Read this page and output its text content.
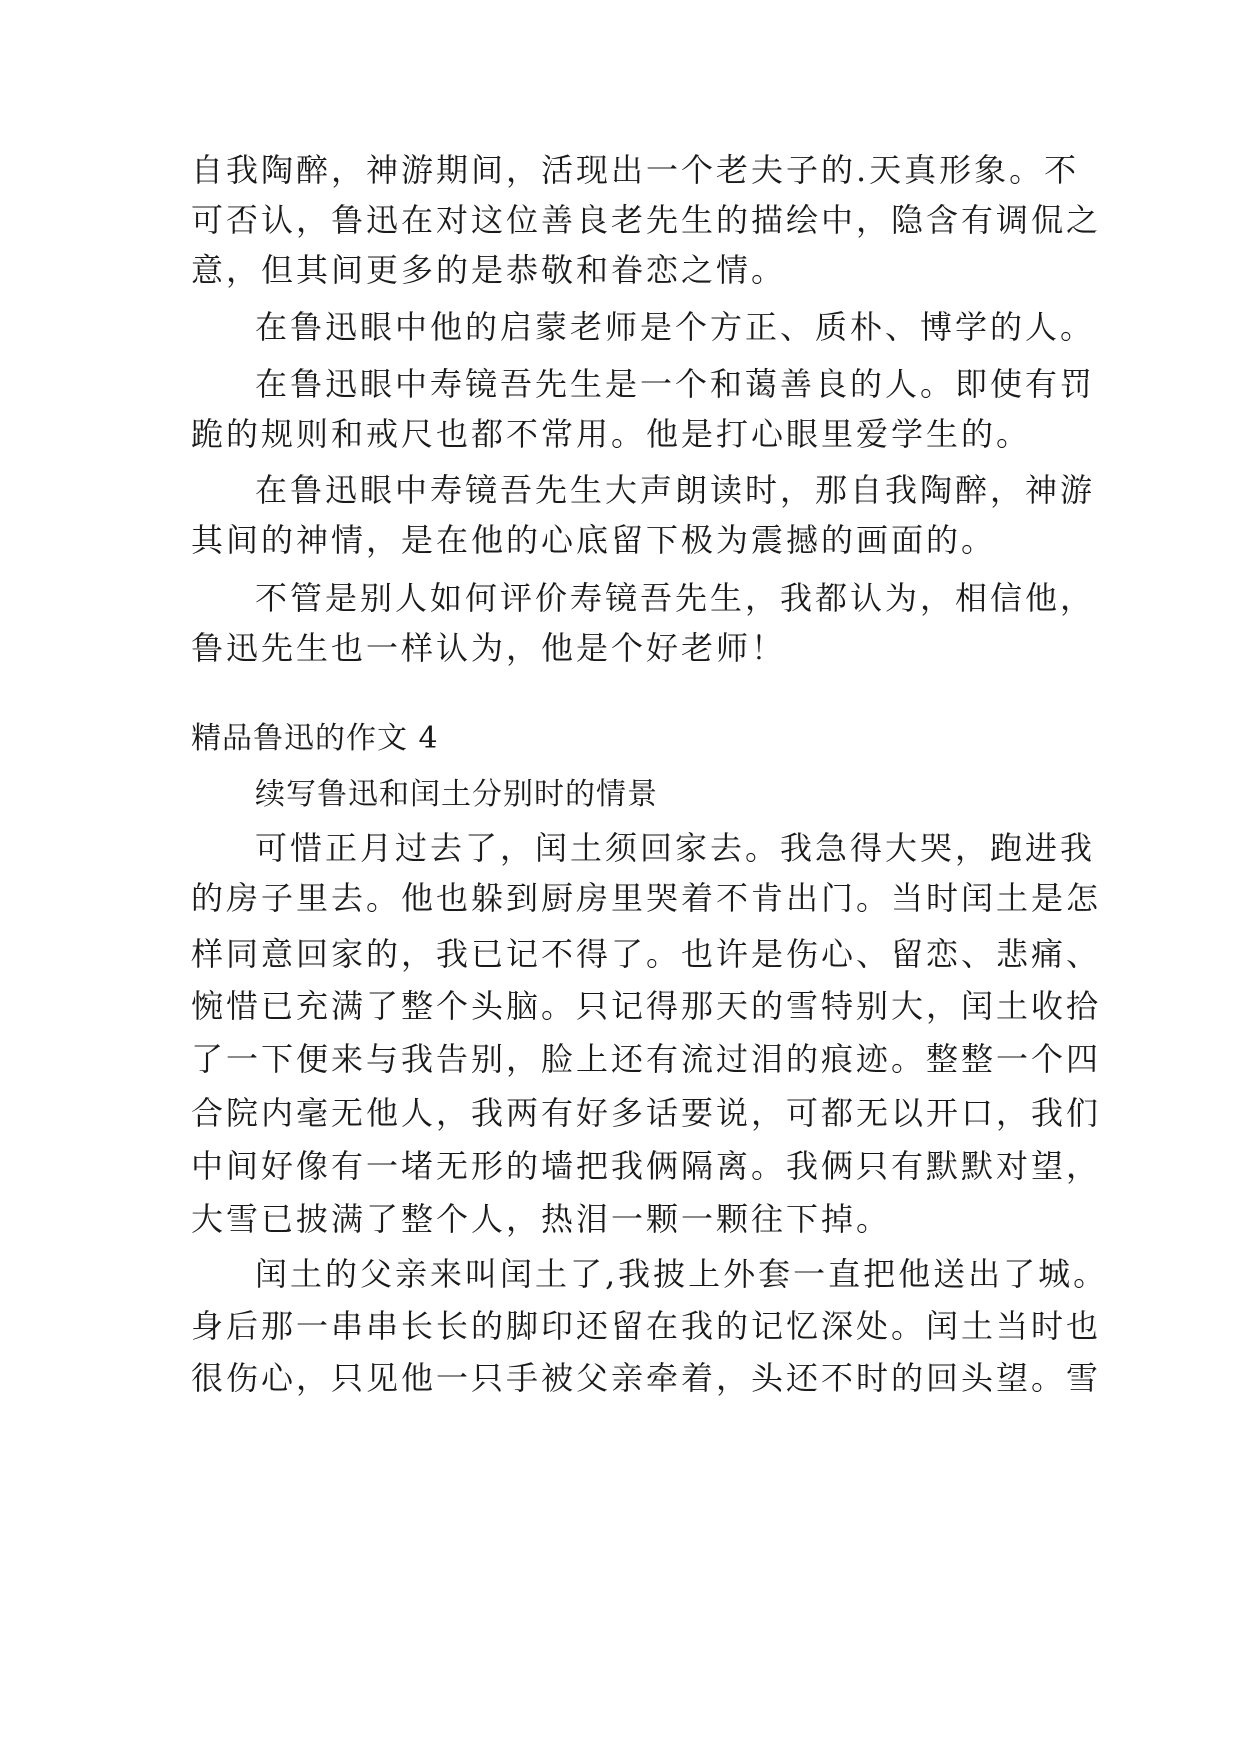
自我陶醉，神游期间，活现出一个老夫子的.天真形象。不
可否认，鲁迅在对这位善良老先生的描绘中，隐含有调侃之
意，但其间更多的是恭敬和眷恋之情。
在鲁迅眼中他的启蒙老师是个方正、质朴、博学的人。
在鲁迅眼中寿镜吾先生是一个和蔼善良的人。即使有罚
跪的规则和戒尺也都不常用。他是打心眼里爱学生的。
在鲁迅眼中寿镜吾先生大声朗读时，那自我陶醉，神游
其间的神情，是在他的心底留下极为震撼的画面的。
不管是别人如何评价寿镜吾先生，我都认为，相信他，
鲁迅先生也一样认为，他是个好老师！
精品鲁迅的作文 4
续写鲁迅和闰土分别时的情景
可惜正月过去了，闰土须回家去。我急得大哭，跑进我
的房子里去。他也躲到厨房里哭着不肯出门。当时闰土是怎
样同意回家的，我已记不得了。也许是伤心、留恋、悲痛、
惋惜已充满了整个头脑。只记得那天的雪特别大，闰土收拾
了一下便来与我告别，脸上还有流过泪的痕迹。整整一个四
合院内毫无他人，我两有好多话要说，可都无以开口，我们
中间好像有一堵无形的墙把我俩隔离。我俩只有默默对望，
大雪已披满了整个人，热泪一颗一颗往下掉。
闰土的父亲来叫闰土了,我披上外套一直把他送出了城。
身后那一串串长长的脚印还留在我的记忆深处。闰土当时也
很伤心，只见他一只手被父亲牵着，头还不时的回头望。雪
